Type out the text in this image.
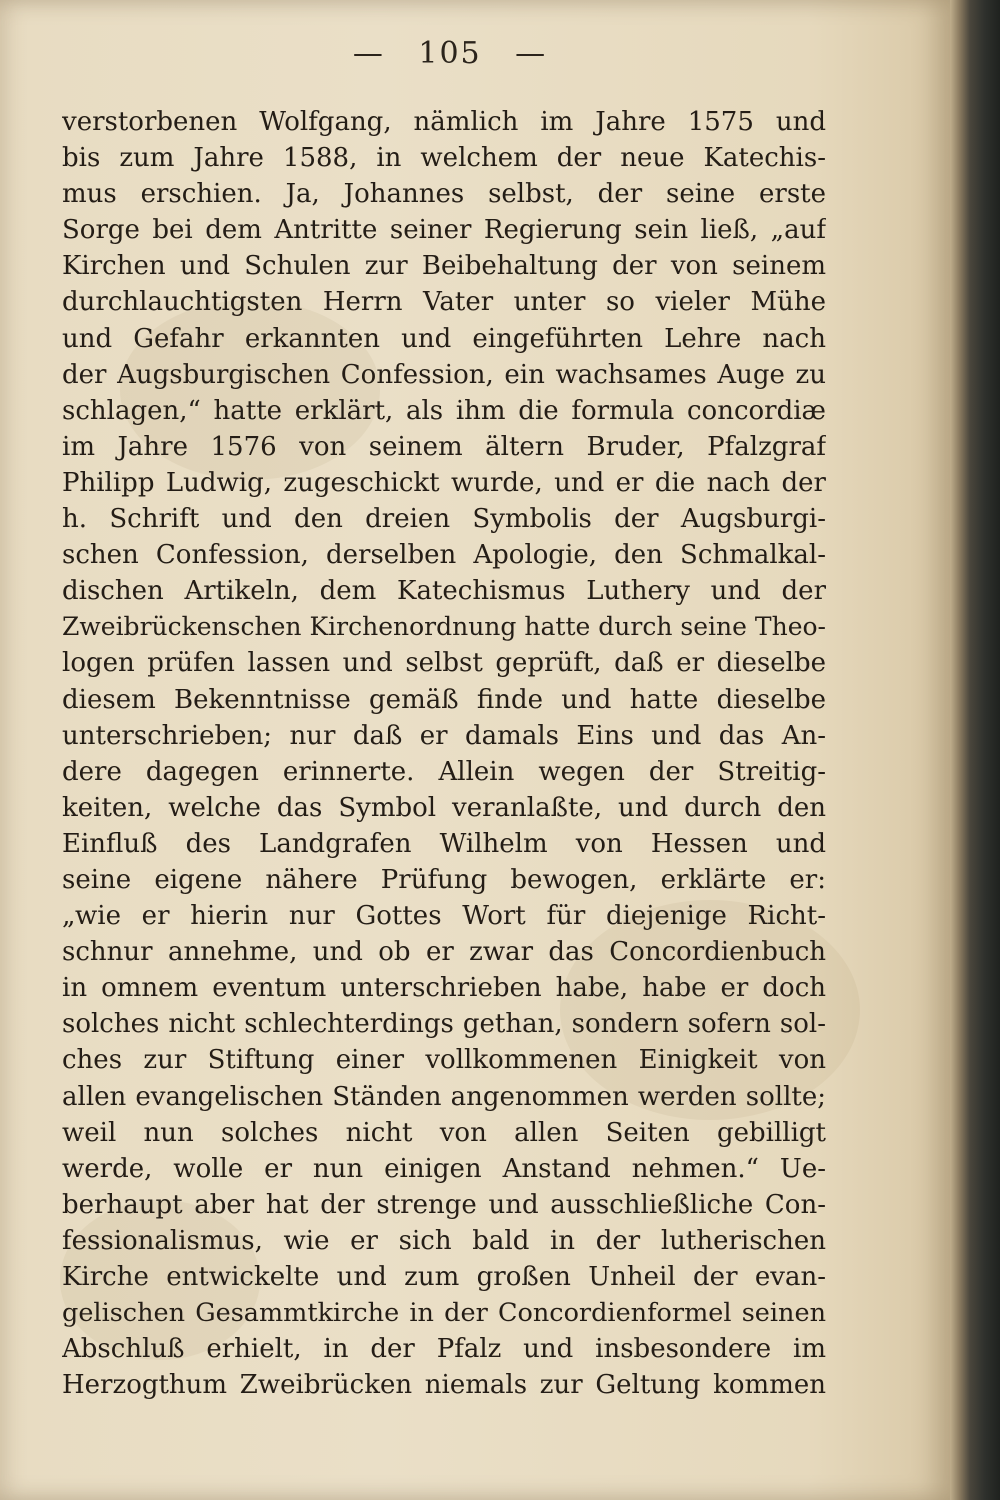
— 105 —
verstorbenen Wolfgang, nämlich im Jahre 1575 und
bis zum Jahre 1588, in welchem der neue Katechis-
mus erschien. Ja, Johannes selbst, der seine erste
Sorge bei dem Antritte seiner Regierung sein ließ, „auf
Kirchen und Schulen zur Beibehaltung der von seinem
durchlauchtigsten Herrn Vater unter so vieler Mühe
und Gefahr erkannten und eingeführten Lehre nach
der Augsburgischen Confession, ein wachsames Auge zu
schlagen,“ hatte erklärt, als ihm die formula concordiæ
im Jahre 1576 von seinem ältern Bruder, Pfalzgraf
Philipp Ludwig, zugeschickt wurde, und er die nach der
h. Schrift und den dreien Symbolis der Augsburgi-
schen Confession, derselben Apologie, den Schmalkal-
dischen Artikeln, dem Katechismus Luthery und der
Zweibrückenschen Kirchenordnung hatte durch seine Theo-
logen prüfen lassen und selbst geprüft, daß er dieselbe
diesem Bekenntnisse gemäß finde und hatte dieselbe
unterschrieben; nur daß er damals Eins und das An-
dere dagegen erinnerte. Allein wegen der Streitig-
keiten, welche das Symbol veranlaßte, und durch den
Einfluß des Landgrafen Wilhelm von Hessen und
seine eigene nähere Prüfung bewogen, erklärte er:
„wie er hierin nur Gottes Wort für diejenige Richt-
schnur annehme, und ob er zwar das Concordienbuch
in omnem eventum unterschrieben habe, habe er doch
solches nicht schlechterdings gethan, sondern sofern sol-
ches zur Stiftung einer vollkommenen Einigkeit von
allen evangelischen Ständen angenommen werden sollte;
weil nun solches nicht von allen Seiten gebilligt
werde, wolle er nun einigen Anstand nehmen.“ Ue-
berhaupt aber hat der strenge und ausschließliche Con-
fessionalismus, wie er sich bald in der lutherischen
Kirche entwickelte und zum großen Unheil der evan-
gelischen Gesammtkirche in der Concordienformel seinen
Abschluß erhielt, in der Pfalz und insbesondere im
Herzogthum Zweibrücken niemals zur Geltung kommen
